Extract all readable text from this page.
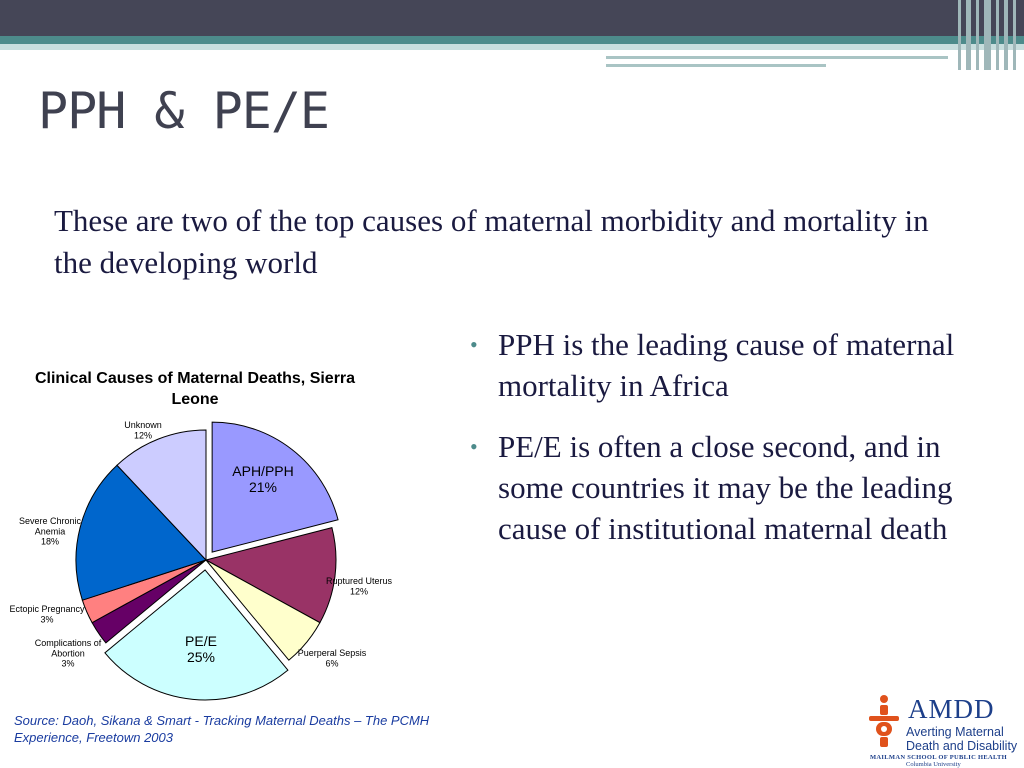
PPH & PE/E
These are two of the top causes of maternal morbidity and mortality in the developing world
• PPH is the leading cause of maternal mortality in Africa
• PE/E is often a close second, and in some countries it may be the leading cause of institutional maternal death
Clinical Causes of Maternal Deaths, Sierra Leone
APH/PPH 21%
Ruptured Uterus 12%
Puerperal Sepsis 6%
PE/E 25%
Complications of Abortion 3%
Ectopic Pregnancy 3%
Severe Chronic Anemia 18%
Unknown 12%
Source: Daoh, Sikana & Smart - Tracking Maternal Deaths – The PCMH Experience, Freetown 2003
AMDD
Averting Maternal
Death and Disability
MAILMAN SCHOOL OF PUBLIC HEALTH
Columbia University
